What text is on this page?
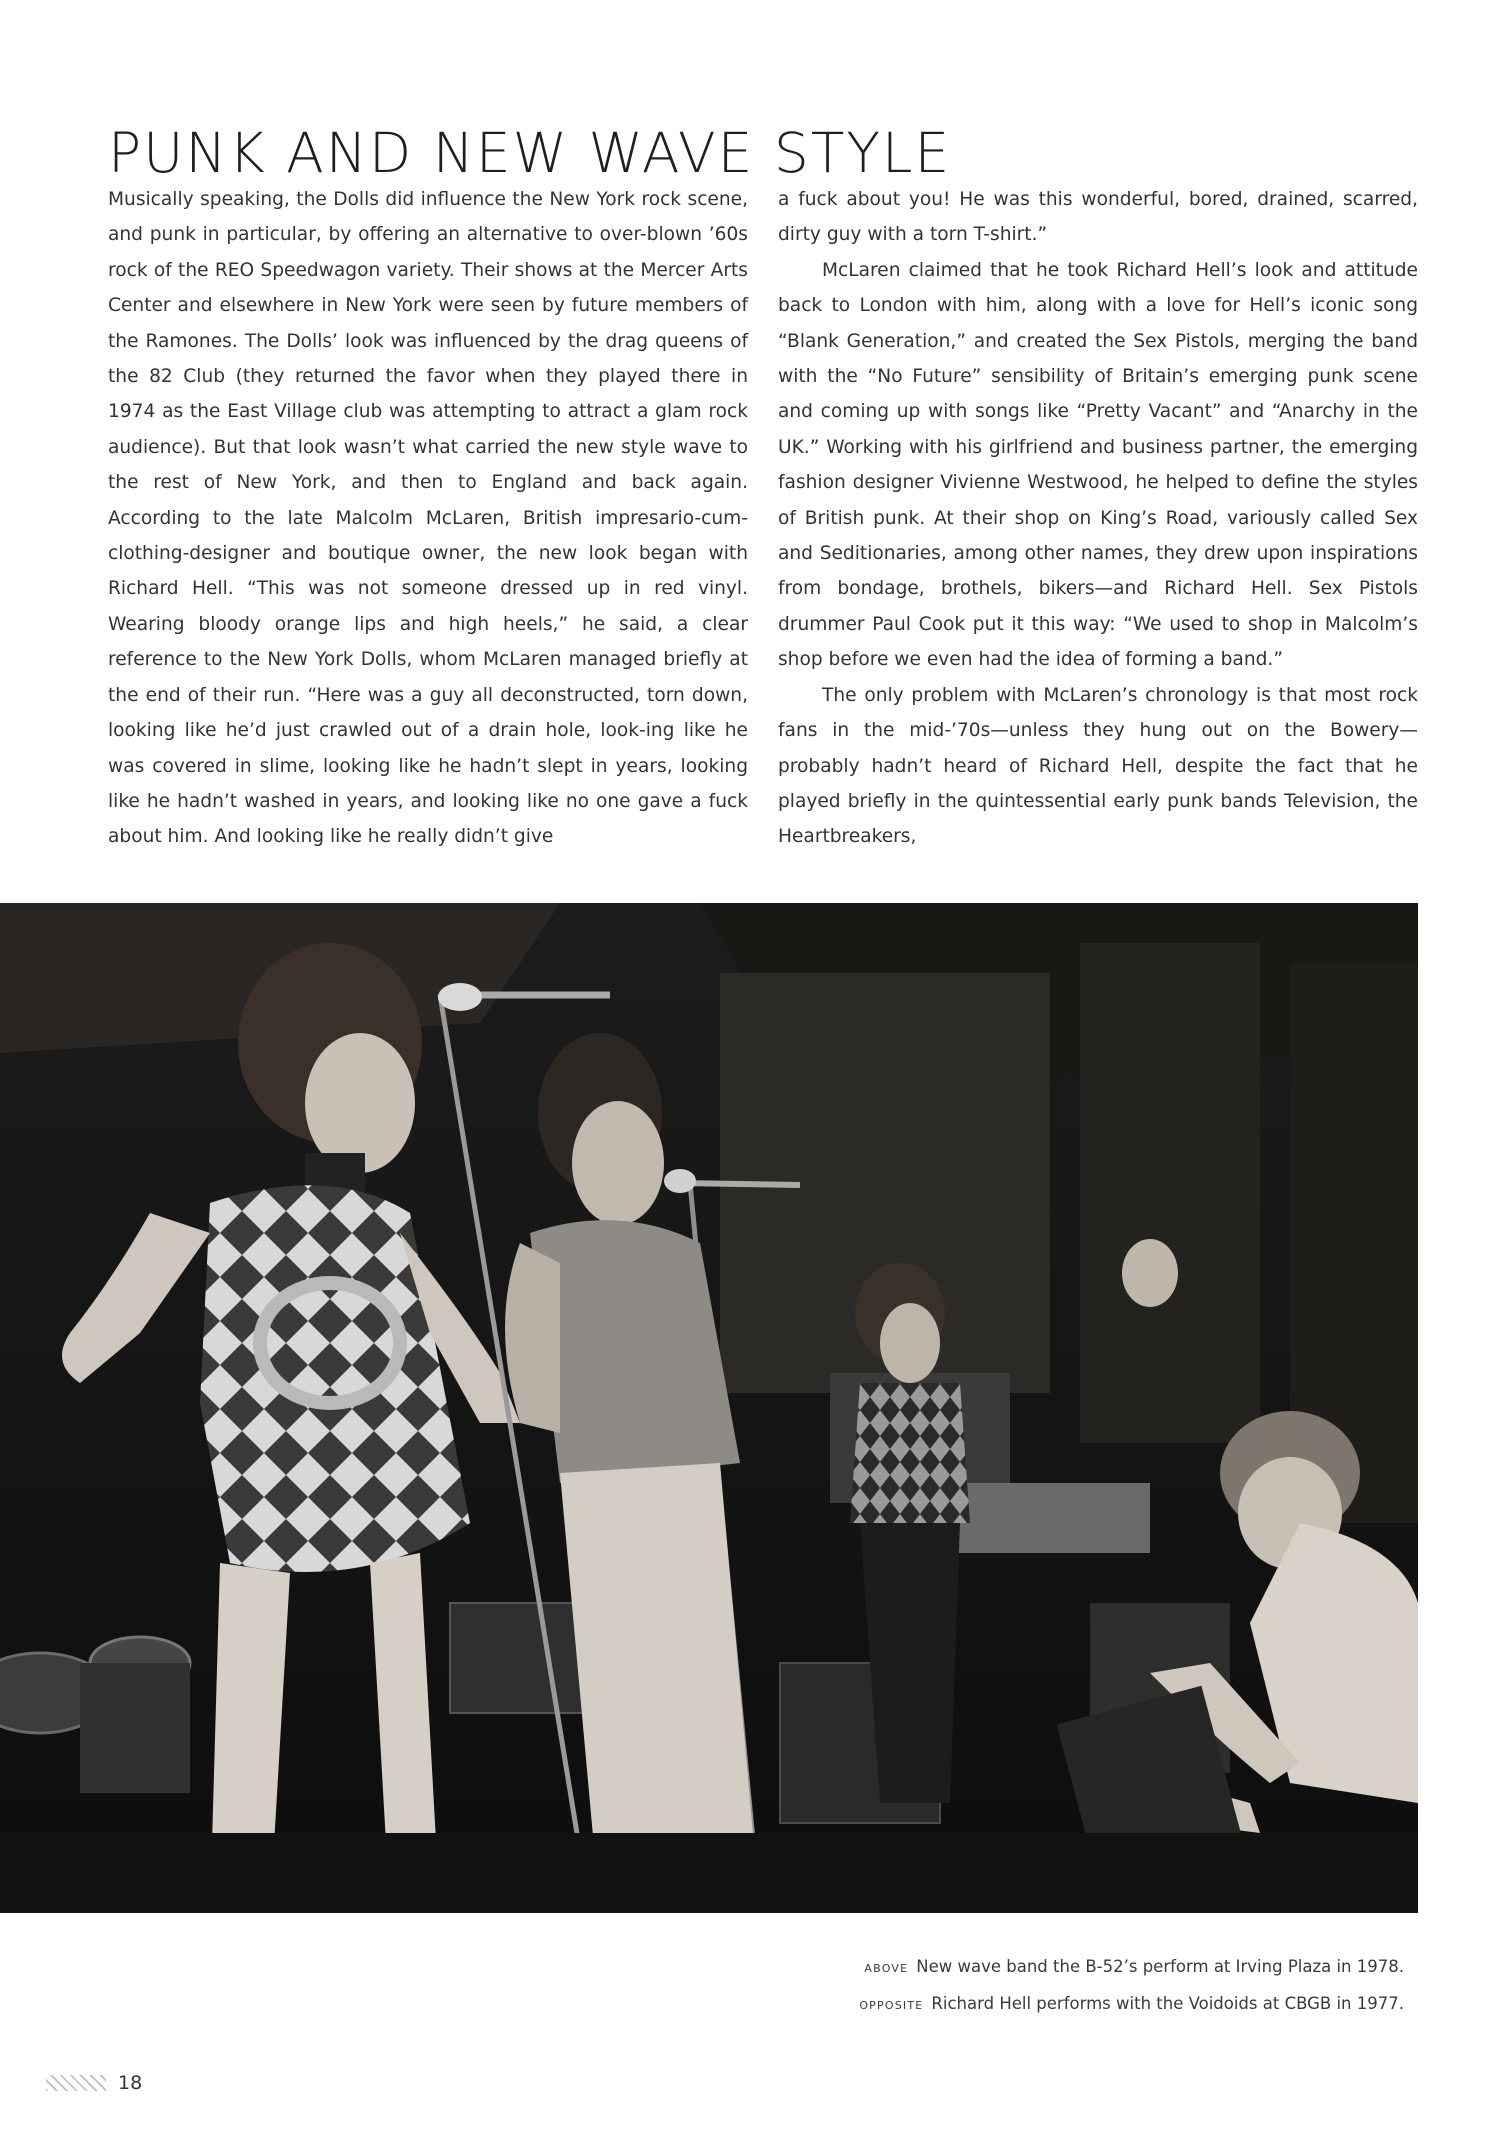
PUNK AND NEW WAVE STYLE

Musically speaking, the Dolls did influence the New York rock scene, and punk in particular, by offering an alternative to over-blown ’60s rock of the REO Speedwagon variety. Their shows at the Mercer Arts Center and elsewhere in New York were seen by future members of the Ramones. The Dolls’ look was influenced by the drag queens of the 82 Club (they returned the favor when they played there in 1974 as the East Village club was attempting to attract a glam rock audience). But that look wasn’t what carried the new style wave to the rest of New York, and then to England and back again. According to the late Malcolm McLaren, British impresario-cum-clothing-designer and boutique owner, the new look began with Richard Hell. “This was not someone dressed up in red vinyl. Wearing bloody orange lips and high heels,” he said, a clear reference to the New York Dolls, whom McLaren managed briefly at the end of their run. “Here was a guy all deconstructed, torn down, looking like he’d just crawled out of a drain hole, look-ing like he was covered in slime, looking like he hadn’t slept in years, looking like he hadn’t washed in years, and looking like no one gave a fuck about him. And looking like he really didn’t give

a fuck about you! He was this wonderful, bored, drained, scarred, dirty guy with a torn T-shirt.”

McLaren claimed that he took Richard Hell’s look and attitude back to London with him, along with a love for Hell’s iconic song “Blank Generation,” and created the Sex Pistols, merging the band with the “No Future” sensibility of Britain’s emerging punk scene and coming up with songs like “Pretty Vacant” and “Anarchy in the UK.” Working with his girlfriend and business partner, the emerging fashion designer Vivienne Westwood, he helped to define the styles of British punk. At their shop on King’s Road, variously called Sex and Seditionaries, among other names, they drew upon inspirations from bondage, brothels, bikers—and Richard Hell. Sex Pistols drummer Paul Cook put it this way: “We used to shop in Malcolm’s shop before we even had the idea of forming a band.”

The only problem with McLaren’s chronology is that most rock fans in the mid-’70s—unless they hung out on the Bowery—probably hadn’t heard of Richard Hell, despite the fact that he played briefly in the quintessential early punk bands Television, the Heartbreakers,

ABOVE New wave band the B-52’s perform at Irving Plaza in 1978.
OPPOSITE Richard Hell performs with the Voidoids at CBGB in 1977.
18
